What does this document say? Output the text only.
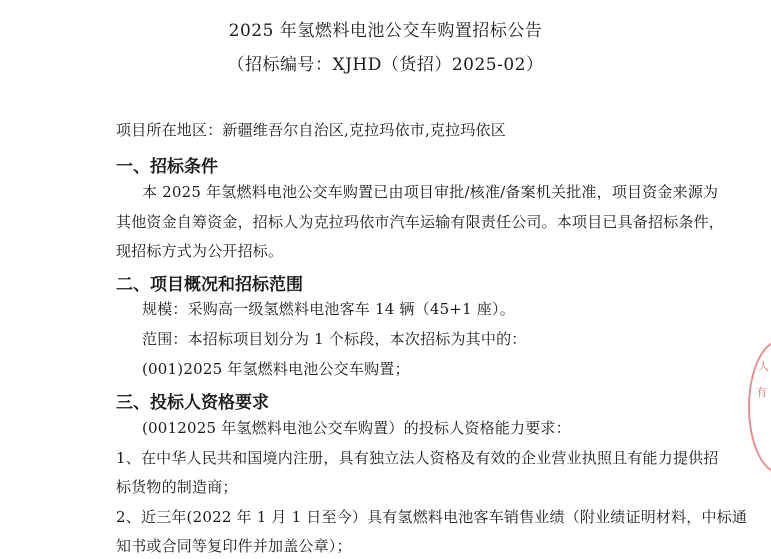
2025 年氢燃料电池公交车购置招标公告
（招标编号：XJHD（货招）2025-02）
项目所在地区：新疆维吾尔自治区,克拉玛依市,克拉玛依区
一、招标条件
本 2025 年氢燃料电池公交车购置已由项目审批/核准/备案机关批准，项目资金来源为
其他资金自筹资金，招标人为克拉玛依市汽车运输有限责任公司。本项目已具备招标条件，
现招标方式为公开招标。
二、项目概况和招标范围
规模：采购高一级氢燃料电池客车 14 辆（45+1 座）。
范围：本招标项目划分为 1 个标段，本次招标为其中的：
(001)2025 年氢燃料电池公交车购置；
三、投标人资格要求
(0012025 年氢燃料电池公交车购置）的投标人资格能力要求：
1、在中华人民共和国境内注册，具有独立法人资格及有效的企业营业执照且有能力提供招
标货物的制造商；
2、近三年(2022 年 1 月 1 日至今）具有氢燃料电池客车销售业绩（附业绩证明材料，中标通
知书或合同等复印件并加盖公章）；
人
有
